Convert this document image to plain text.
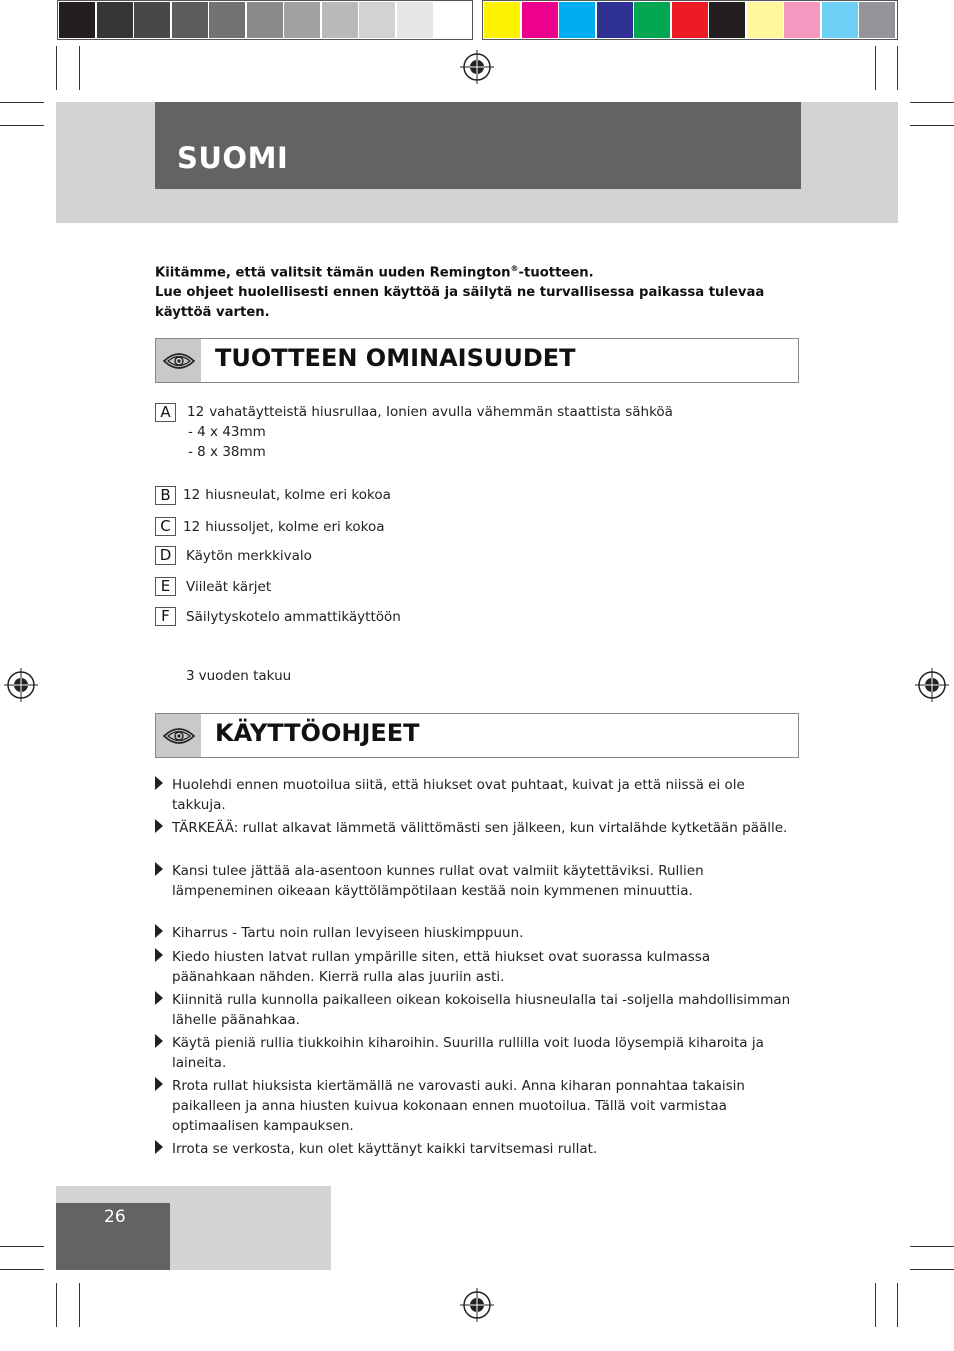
SUOMI
Kiitämme, että valitsit tämän uuden Remington®-tuotteen.
Lue ohjeet huolellisesti ennen käyttöä ja säilytä ne turvallisessa paikassa tulevaa käyttöä varten.
TUOTTEEN OMINAISUUDET
A	12 vahatäytteistä hiusrullaa, Ionien avulla vähemmän staattista sähköä
- 4 x 43mm
- 8 x 38mm
B 12 hiusneulat, kolme eri kokoa
C 12 hiussoljet, kolme eri kokoa
D	Käytön merkkivalo
E	Viileät kärjet
F	Säilytyskotelo ammattikäyttöön
3 vuoden takuu
KÄYTTÖOHJEET
Huolehdi ennen muotoilua siitä, että hiukset ovat puhtaat, kuivat ja että niissä ei ole takkuja.
TÄRKEÄÄ: rullat alkavat lämmetä välittömästi sen jälkeen, kun virtalähde kytketään päälle.
Kansi tulee jättää ala-asentoon kunnes rullat ovat valmiit käytettäviksi. Rullien lämpeneminen oikeaan käyttölämpötilaan kestää noin kymmenen minuuttia.
Kiharrus - Tartu noin rullan levyiseen hiuskimppuun.
Kiedo hiusten latvat rullan ympärille siten, että hiukset ovat suorassa kulmassa päänahkaan nähden. Kierrä rulla alas juuriin asti.
Kiinnitä rulla kunnolla paikalleen oikean kokoisella hiusneulalla tai -soljella mahdollisimman lähelle päänahkaa.
Käytä pieniä rullia tiukkoihin kiharoihin. Suurilla rullilla voit luoda löysempiä kiharoita ja laineita.
Rrota rullat hiuksista kiertämällä ne varovasti auki. Anna kiharan ponnahtaa takaisin paikalleen ja anna hiusten kuivua kokonaan ennen muotoilua. Tällä voit varmistaa optimaalisen kampauksen.
Irrota se verkosta, kun olet käyttänyt kaikki tarvitsemasi rullat.
26
